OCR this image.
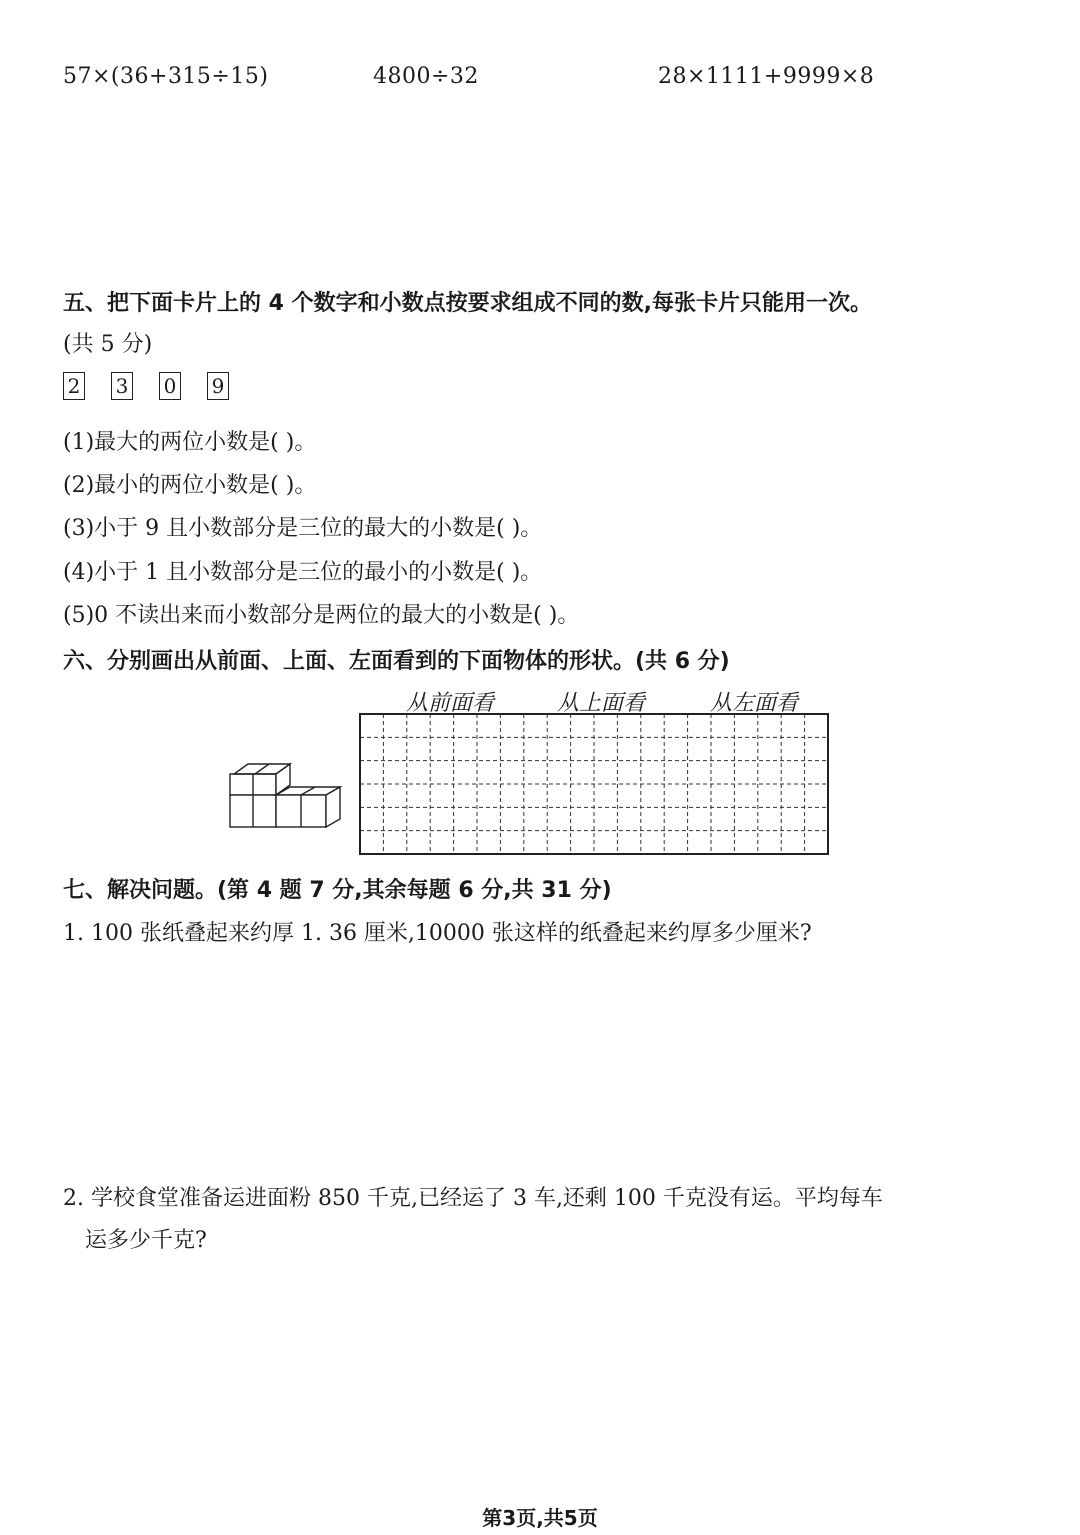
57×(36+315÷15)	4800÷32	28×1111+9999×8
五、把下面卡片上的 4 个数字和小数点按要求组成不同的数,每张卡片只能用一次。
(共 5 分)
2 3 0 9
(1)最大的两位小数是( )。
(2)最小的两位小数是( )。
(3)小于 9 且小数部分是三位的最大的小数是( )。
(4)小于 1 且小数部分是三位的最小的小数是( )。
(5)0 不读出来而小数部分是两位的最大的小数是( )。
六、分别画出从前面、上面、左面看到的下面物体的形状。(共 6 分)
从前面看	从上面看	从左面看
七、解决问题。(第 4 题 7 分,其余每题 6 分,共 31 分)
1. 100 张纸叠起来约厚 1. 36 厘米,10000 张这样的纸叠起来约厚多少厘米?
2. 学校食堂准备运进面粉 850 千克,已经运了 3 车,还剩 100 千克没有运。平均每车
运多少千克?
第3页,共5页
